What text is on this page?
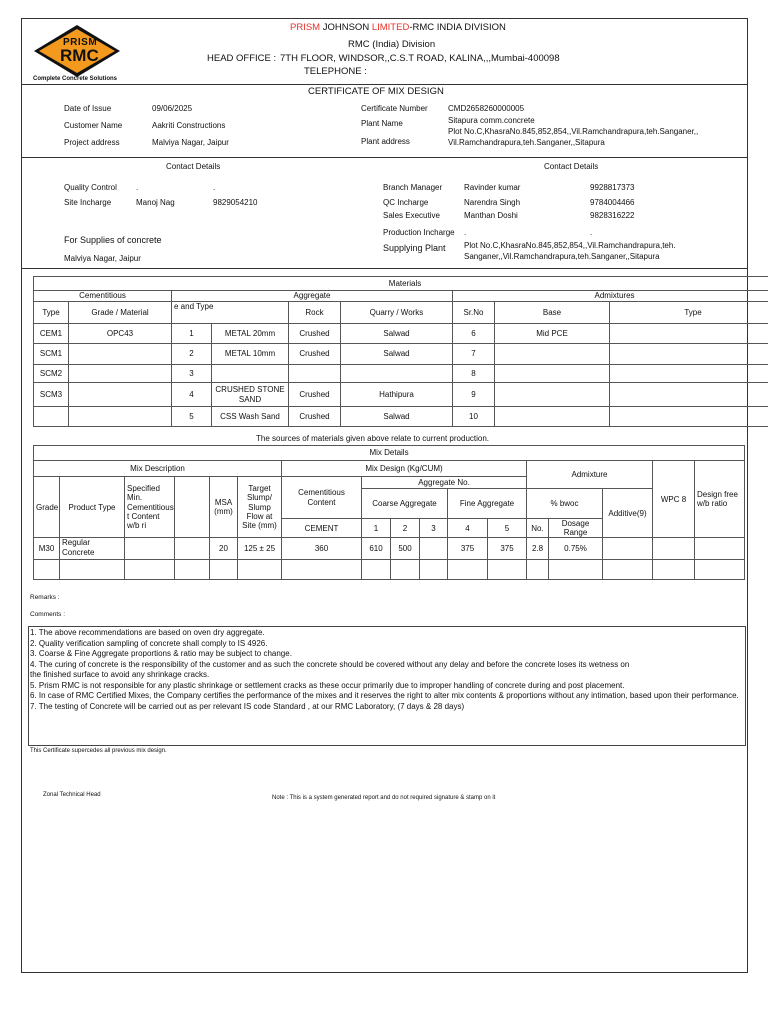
PRISM
RMC
Complete Concrete Solutions
PRISM JOHNSON LIMITED-RMC INDIA DIVISION
RMC (India) Division
HEAD OFFICE : 7TH FLOOR, WINDSOR,,C.S.T ROAD, KALINA,,,Mumbai-400098
TELEPHONE :
CERTIFICATE OF MIX DESIGN
Date of Issue	09/06/2025
Customer Name	Aakriti Constructions
Project address	Malviya Nagar, Jaipur
Certificate Number	CMD2658260000005
Plant Name	Sitapura comm.concrete
Plot No.C,KhasraNo.845,852,854,,Vil.Ramchandrapura,teh.Sanganer,,
Plant address	Vil.Ramchandrapura,teh.Sanganer,,Sitapura
Contact Details	Contact Details
Quality Control .	.
Site Incharge	Manoj Nag	9829054210
For Supplies of concrete
Malviya Nagar, Jaipur
Branch Manager	Ravinder kumar	9928817373
QC Incharge	Narendra Singh	9784004466
Sales Executive	Manthan Doshi	9828316222
Production Incharge .	.
Supplying Plant Plot No.C,KhasraNo.845,852,854,,Vil.Ramchandrapura,teh.
Sanganer,,Vil.Ramchandrapura,teh.Sanganer,,Sitapura
Materials								
Cementitious		Aggregate				Admixtures		
Type	Grade / Material	e and Type		Rock	Quarry / Works	Sr.No	Base	Type
CEM1	OPC43	1	METAL 20mm	Crushed	Salwad	6	Mid PCE	
SCM1		2	METAL 10mm	Crushed	Salwad	7		
SCM2		3				8		
SCM3		4	CRUSHED STONE SAND	Crushed	Hathipura	9		
		5	CSS Wash Sand	Crushed	Salwad	10		
The sources of materials given above relate to current production.
Mix Details																
Mix Description						Mix Design (Kg/CUM)						Admixture			WPC 8	Design free w/b ratio
Grade	Product Type	Specified Min. Cementitious t Content w/b ri		MSA (mm)	Target Slump/ Slump Flow at Site (mm)	Cementitious Content	Aggregate No.									
							Coarse Aggregate			Fine Aggregate		% bwoc		Additive(9)		
						CEMENT	1	2	3	4	5	No.	Dosage Range			
M30	Regular Concrete			20	125 ± 25	360	610	500		375	375	2.8	0.75%			

Remarks :
Comments :
1. The above recommendations are based on oven dry aggregate.
2. Quality verification sampling of concrete shall comply to IS 4926.
3. Coarse & Fine Aggregate proportions & ratio may be subject to change.
4. The curing of concrete is the responsibility of the customer and as such the concrete should be covered without any delay and before the concrete loses its wetness on
the finished surface to avoid any shrinkage cracks.
5. Prism RMC is not responsible for any plastic shrinkage or settlement cracks as these occur primarily due to improper handling of concrete during and post placement.
6. In case of RMC Certified Mixes, the Company certifies the performance of the mixes and it reserves the right to alter mix contents & proportions without any intimation, based upon their performance.
7. The testing of Concrete will be carried out as per relevant IS code Standard , at our RMC Laboratory, (7 days & 28 days)
This Certificate supercedes all previous mix design.
Zonal Technical Head	Note : This is a system generated report and do not required signature & stamp on it
